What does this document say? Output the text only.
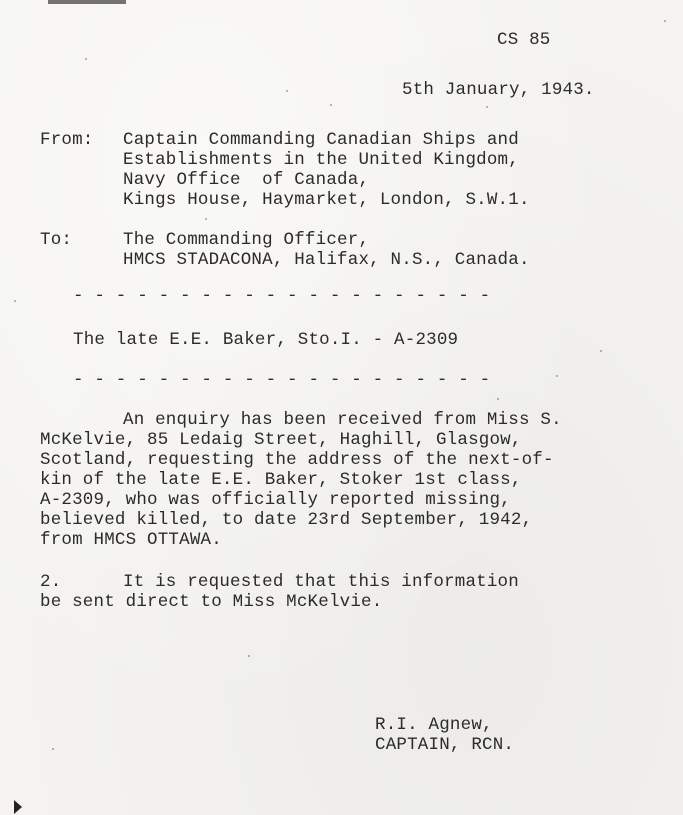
CS 85
5th January, 1943.
From: Captain Commanding Canadian Ships and
Establishments in the United Kingdom,
Navy Office  of Canada,
Kings House, Haymarket, London, S.W.1.
To:	The Commanding Officer,
HMCS STADACONA, Halifax, N.S., Canada.
- - - - - - - - - - - - - - - - - - - -
The late E.E. Baker, Sto.I. - A-2309
- - - - - - - - - - - - - - - - - - - -
An enquiry has been received from Miss S.
McKelvie, 85 Ledaig Street, Haghill, Glasgow,
Scotland, requesting the address of the next-of-
kin of the late E.E. Baker, Stoker 1st class,
A-2309, who was officially reported missing,
believed killed, to date 23rd September, 1942,
from HMCS OTTAWA.
2.	It is requested that this information
be sent direct to Miss McKelvie.
R.I. Agnew,
CAPTAIN, RCN.
